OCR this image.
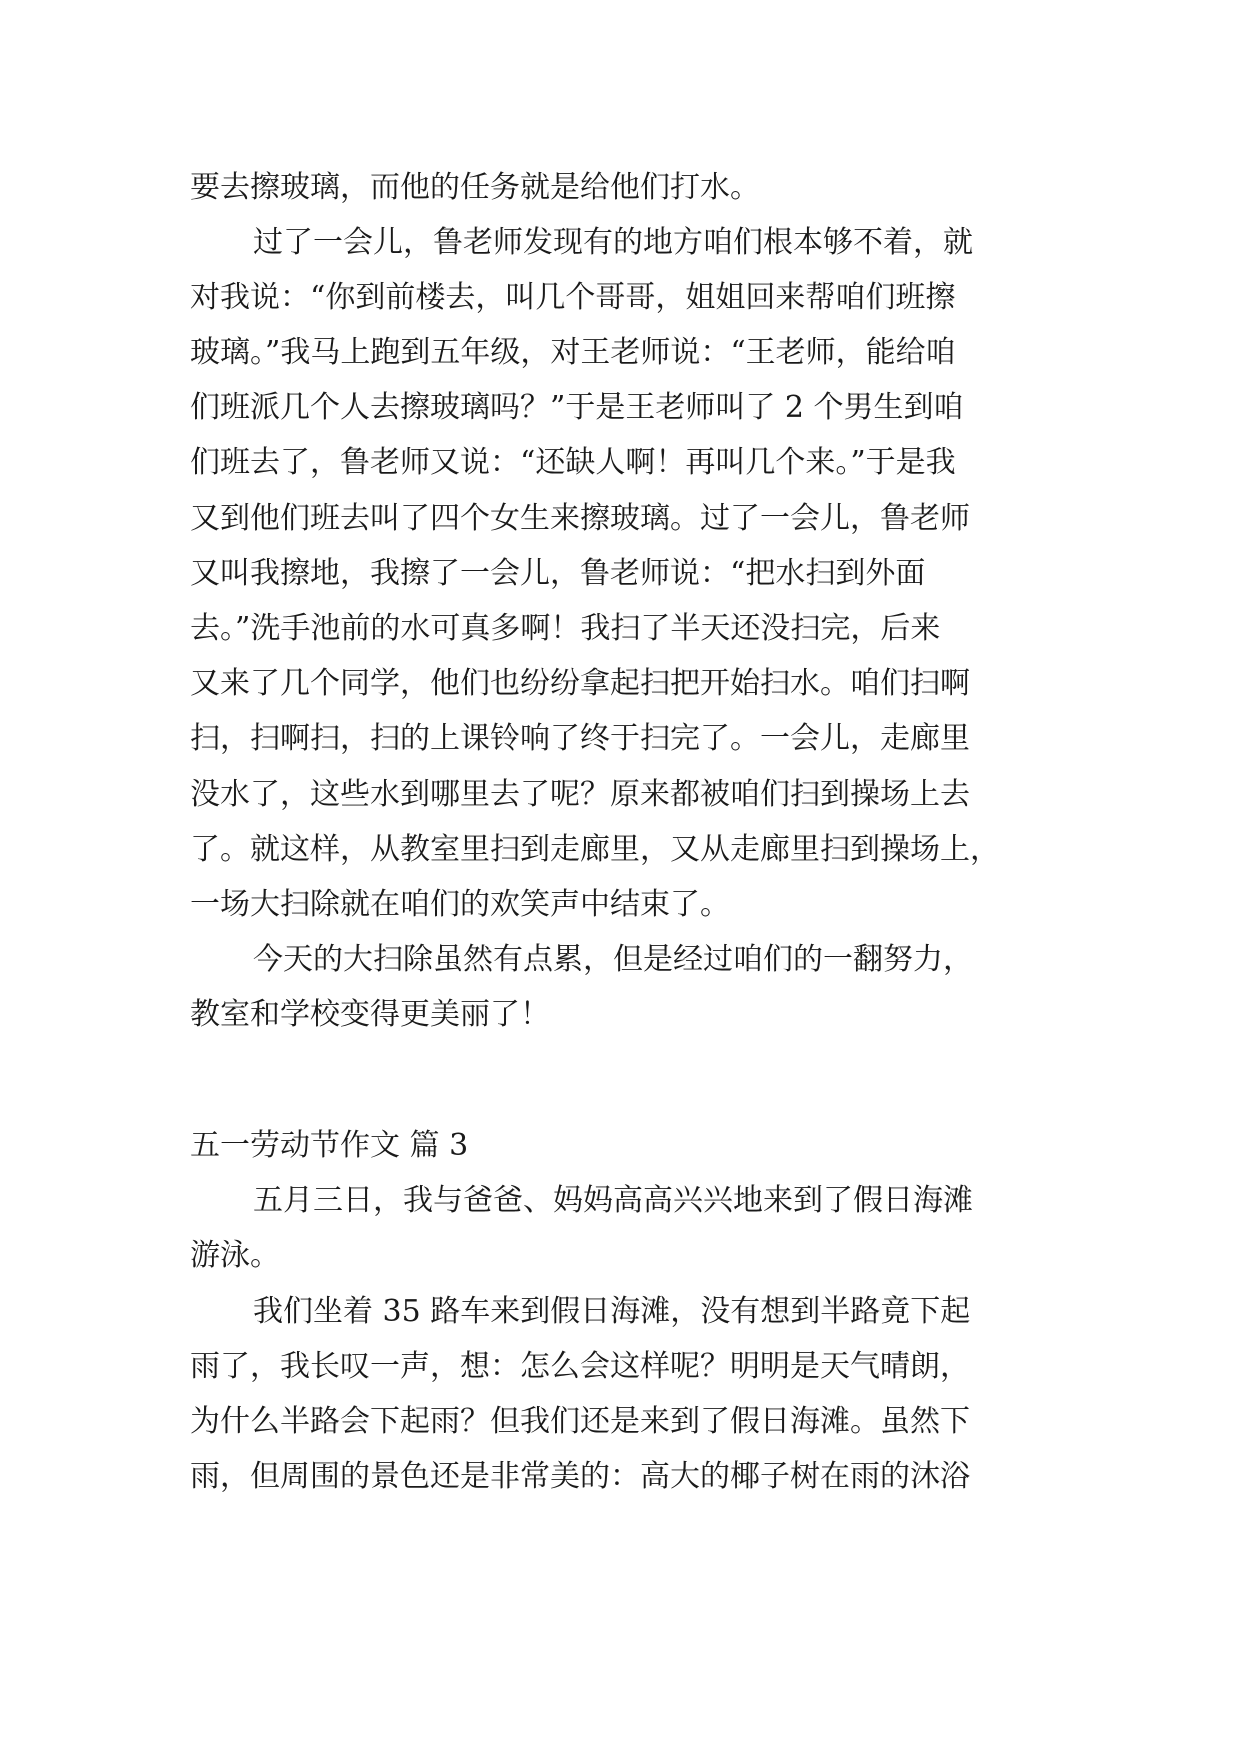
要去擦玻璃，而他的任务就是给他们打水。
过了一会儿，鲁老师发现有的地方咱们根本够不着，就
对我说：“你到前楼去，叫几个哥哥，姐姐回来帮咱们班擦
玻璃。”我马上跑到五年级，对王老师说：“王老师，能给咱
们班派几个人去擦玻璃吗？”于是王老师叫了 2 个男生到咱
们班去了，鲁老师又说：“还缺人啊！再叫几个来。”于是我
又到他们班去叫了四个女生来擦玻璃。过了一会儿，鲁老师
又叫我擦地，我擦了一会儿，鲁老师说：“把水扫到外面
去。”洗手池前的水可真多啊！我扫了半天还没扫完，后来
又来了几个同学，他们也纷纷拿起扫把开始扫水。咱们扫啊
扫，扫啊扫，扫的上课铃响了终于扫完了。一会儿，走廊里
没水了，这些水到哪里去了呢？原来都被咱们扫到操场上去
了。就这样，从教室里扫到走廊里，又从走廊里扫到操场上，
一场大扫除就在咱们的欢笑声中结束了。
今天的大扫除虽然有点累，但是经过咱们的一翻努力，
教室和学校变得更美丽了！
五一劳动节作文 篇 3
五月三日，我与爸爸、妈妈高高兴兴地来到了假日海滩
游泳。
我们坐着 35 路车来到假日海滩，没有想到半路竟下起
雨了，我长叹一声，想：怎么会这样呢？明明是天气晴朗，
为什么半路会下起雨？但我们还是来到了假日海滩。虽然下
雨，但周围的景色还是非常美的：高大的椰子树在雨的沐浴
